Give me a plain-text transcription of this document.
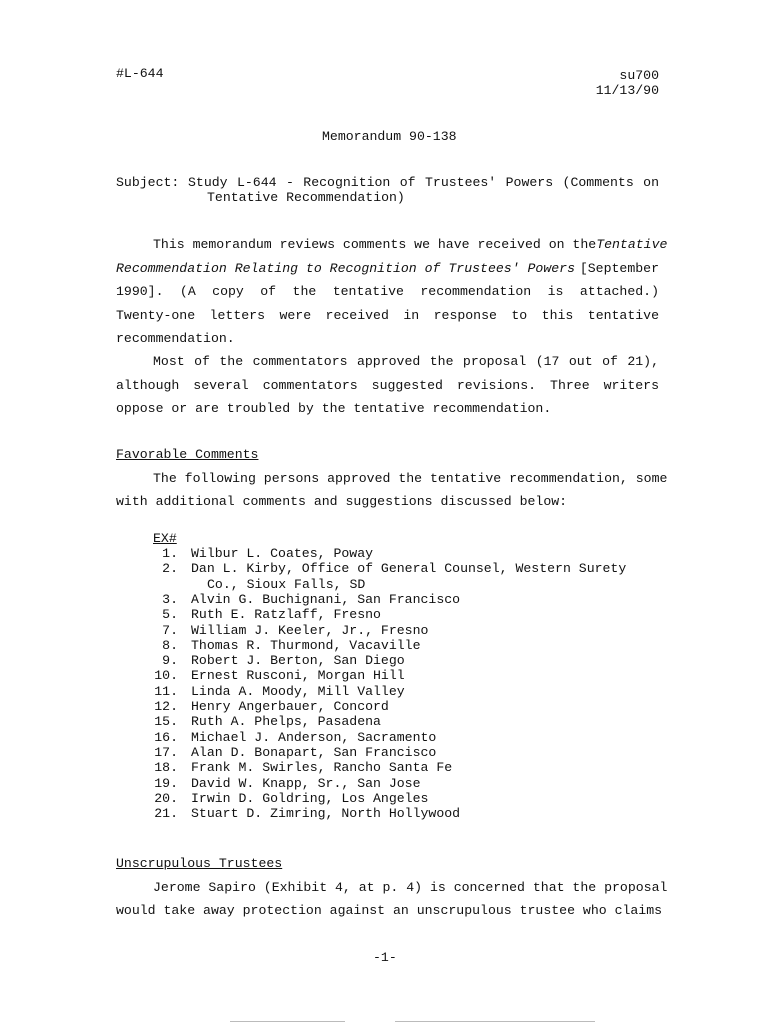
#L-644	su700
11/13/90
Memorandum 90-138
Subject: Study L-644 - Recognition of Trustees' Powers (Comments on
Tentative Recommendation)
This memorandum reviews comments we have received on the Tentative
Recommendation Relating to Recognition of Trustees' Powers [September
1990]. (A copy of the tentative recommendation is attached.)
Twenty-one letters were received in response to this tentative
recommendation.
Most of the commentators approved the proposal (17 out of 21),
although several commentators suggested revisions. Three writers
oppose or are troubled by the tentative recommendation.
Favorable Comments
The following persons approved the tentative recommendation, some
with additional comments and suggestions discussed below:
EX#
1. Wilbur L. Coates, Poway
2. Dan L. Kirby, Office of General Counsel, Western Surety
Co., Sioux Falls, SD
3. Alvin G. Buchignani, San Francisco
5. Ruth E. Ratzlaff, Fresno
7. William J. Keeler, Jr., Fresno
8. Thomas R. Thurmond, Vacaville
9. Robert J. Berton, San Diego
10. Ernest Rusconi, Morgan Hill
11. Linda A. Moody, Mill Valley
12. Henry Angerbauer, Concord
15. Ruth A. Phelps, Pasadena
16. Michael J. Anderson, Sacramento
17. Alan D. Bonapart, San Francisco
18. Frank M. Swirles, Rancho Santa Fe
19. David W. Knapp, Sr., San Jose
20. Irwin D. Goldring, Los Angeles
21. Stuart D. Zimring, North Hollywood
Unscrupulous Trustees
Jerome Sapiro (Exhibit 4, at p. 4) is concerned that the proposal
would take away protection against an unscrupulous trustee who claims
-1-
